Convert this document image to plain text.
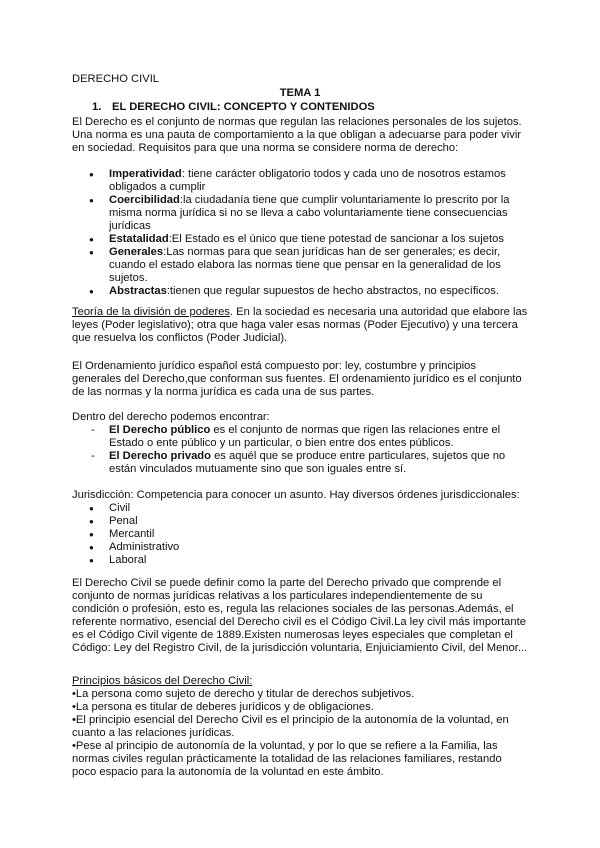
DERECHO CIVIL
TEMA 1
1. EL DERECHO CIVIL: CONCEPTO Y CONTENIDOS

El Derecho es el conjunto de normas que regulan las relaciones personales de los sujetos. Una norma es una pauta de comportamiento a la que obligan a adecuarse para poder vivir en sociedad. Requisitos para que una norma se considere norma de derecho:

● Imperatividad: tiene carácter obligatorio todos y cada uno de nosotros estamos obligados a cumplir
● Coercibilidad:la ciudadanía tiene que cumplir voluntariamente lo prescrito por la misma norma jurídica si no se lleva a cabo voluntariamente tiene consecuencias jurídicas
● Estatalidad:El Estado es el único que tiene potestad de sancionar a los sujetos
● Generales:Las normas para que sean jurídicas han de ser generales; es decir, cuando el estado elabora las normas tiene que pensar en la generalidad de los sujetos.
● Abstractas:tienen que regular supuestos de hecho abstractos, no específicos.

Teoría de la división de poderes. En la sociedad es necesaria una autoridad que elabore las leyes (Poder legislativo); otra que haga valer esas normas (Poder Ejecutivo) y una tercera que resuelva los conflictos (Poder Judicial).

El Ordenamiento jurídico español está compuesto por: ley, costumbre y principios generales del Derecho,que conforman sus fuentes. El ordenamiento jurídico es el conjunto de las normas y la norma jurídica es cada una de sus partes.

Dentro del derecho podemos encontrar:

- El Derecho público es el conjunto de normas que rigen las relaciones entre el Estado o ente público y un particular, o bien entre dos entes públicos.
- El Derecho privado es aquél que se produce entre particulares, sujetos que no están vinculados mutuamente sino que son iguales entre sí.

Jurisdicción: Competencia para conocer un asunto. Hay diversos órdenes jurisdiccionales:

● Civil
● Penal
● Mercantil
● Administrativo
● Laboral

El Derecho Civil se puede definir como la parte del Derecho privado que comprende el conjunto de normas jurídicas relativas a los particulares independientemente de su condición o profesión, esto es, regula las relaciones sociales de las personas.Además, el referente normativo, esencial del Derecho civil es el Código Civil.La ley civil más importante es el Código Civil vigente de 1889.Existen numerosas leyes especiales que completan el Código: Ley del Registro Civil, de la jurisdicción voluntaria, Enjuiciamiento Civil, del Menor...

Principios básicos del Derecho Civil:

•La persona como sujeto de derecho y titular de derechos subjetivos.

•La persona es titular de deberes jurídicos y de obligaciones.

•El principio esencial del Derecho Civil es el principio de la autonomía de la voluntad, en cuanto a las relaciones jurídicas.

•Pese al principio de autonomía de la voluntad, y por lo que se refiere a la Familia, las normas civiles regulan prácticamente la totalidad de las relaciones familiares, restando poco espacio para la autonomía de la voluntad en este ámbito.
